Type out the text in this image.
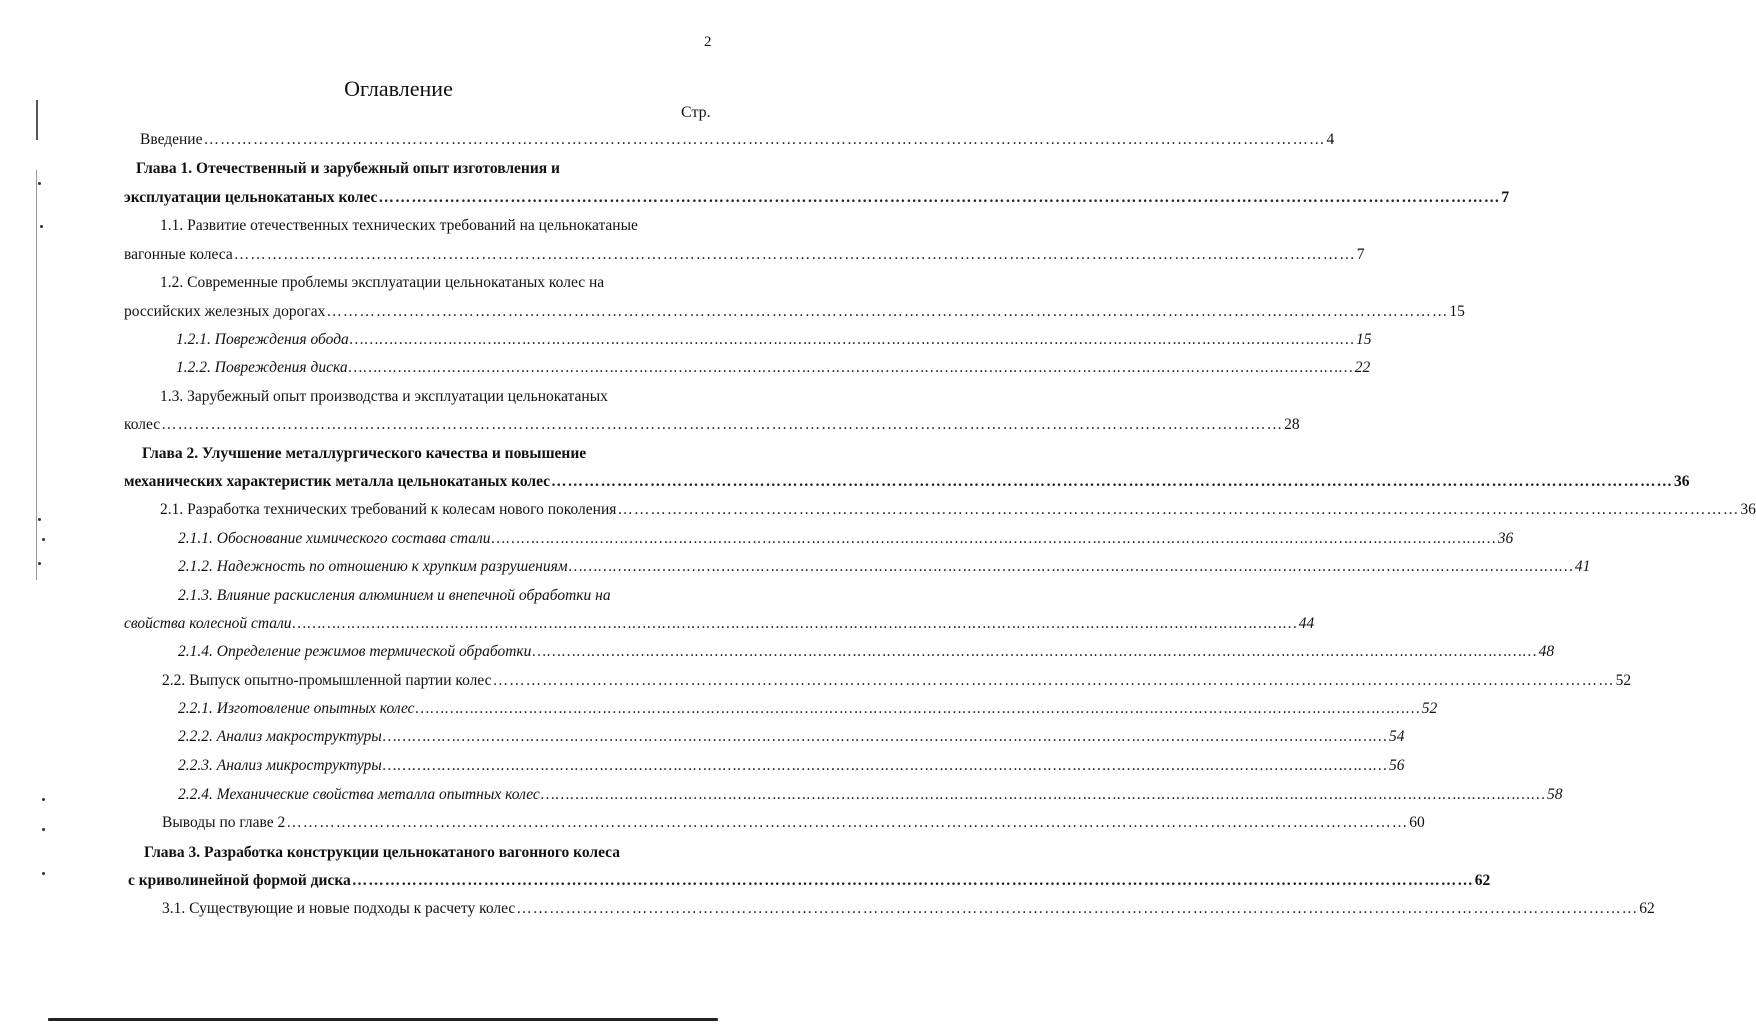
2
Оглавление
Стр.
Введение …………………………………………………………………………………………………………………………………………………………………………………… 4
Глава 1. Отечественный и зарубежный опыт изготовления и
эксплуатации цельнокатаных колес …………………………………………………………………………………………………………………………………………………………………………………… 7
1.1. Развитие отечественных технических требований на цельнокатаные
вагонные колеса …………………………………………………………………………………………………………………………………………………………………………………… 7
1.2. Современные проблемы эксплуатации цельнокатаных колес на
российских железных дорогах …………………………………………………………………………………………………………………………………………………………………………………… 15
1.2.1. Повреждения обода …………………………………………………………………………………………………………………………………………………………………………………… 15
1.2.2. Повреждения диска …………………………………………………………………………………………………………………………………………………………………………………… 22
1.3. Зарубежный опыт производства и эксплуатации цельнокатаных
колес …………………………………………………………………………………………………………………………………………………………………………………… 28
Глава 2. Улучшение металлургического качества и повышение
механических характеристик металла цельнокатаных колес …………………………………………………………………………………………………………………………………………………………………………………… 36
2.1. Разработка технических требований к колесам нового поколения …………………………………………………………………………………………………………………………………………………………………………………… 36
2.1.1. Обоснование химического состава стали …………………………………………………………………………………………………………………………………………………………………………………… 36
2.1.2. Надежность по отношению к хрупким разрушениям …………………………………………………………………………………………………………………………………………………………………………………… 41
2.1.3. Влияние раскисления алюминием и внепечной обработки на
свойства колесной стали …………………………………………………………………………………………………………………………………………………………………………………… 44
2.1.4. Определение режимов термической обработки …………………………………………………………………………………………………………………………………………………………………………………… 48
2.2. Выпуск опытно-промышленной партии колес …………………………………………………………………………………………………………………………………………………………………………………… 52
2.2.1. Изготовление опытных колес …………………………………………………………………………………………………………………………………………………………………………………… 52
2.2.2. Анализ макроструктуры …………………………………………………………………………………………………………………………………………………………………………………… 54
2.2.3. Анализ микроструктуры …………………………………………………………………………………………………………………………………………………………………………………… 56
2.2.4. Механические свойства металла опытных колес …………………………………………………………………………………………………………………………………………………………………………………… 58
Выводы по главе 2 …………………………………………………………………………………………………………………………………………………………………………………… 60
Глава 3. Разработка конструкции цельнокатаного вагонного колеса
с криволинейной формой диска …………………………………………………………………………………………………………………………………………………………………………………… 62
3.1. Существующие и новые подходы к расчету колес …………………………………………………………………………………………………………………………………………………………………………………… 62
